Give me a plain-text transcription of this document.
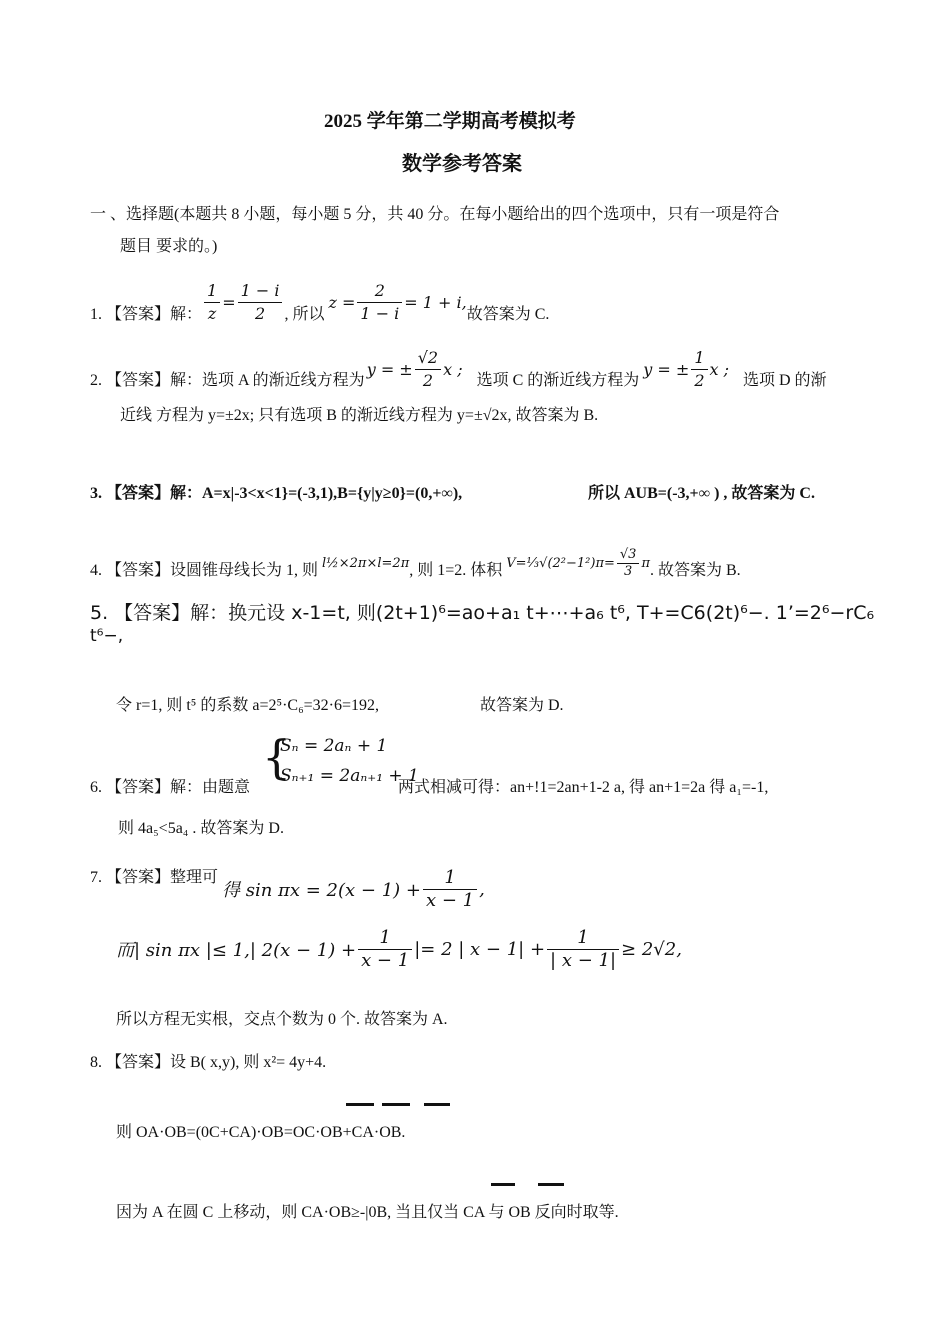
2025 学年第二学期高考模拟考
数学参考答案
一 、选择题(本题共 8 小题，每小题 5 分，共 40 分。在每小题给出的四个选项中，只有一项是符合
题目 要求的。)
1. 【答案】解： $\frac{1}{z} = \frac{1 - i}{2}$ , 所以
$z = \frac{2}{1 - i} = 1 + i$,
故答案为 C.
2. 【答案】解：选项 A 的渐近线方程为
y = ± $\frac{√2}{2}$ x ;
选项 C 的渐近线方程为
y = ± $\frac{1}{2}$ x ;
选项 D 的渐
近线 方程为 y=±2x; 只有选项 B 的渐近线方程为 y=±√2x, 故答案为 B.
3. 【答案】解：A=x|-3<x<1}=(-3,1),B={y|y≥0}=(0,+∞),	所以 AUB=(-3,+∞ ) , 故答案为 C.
4. 【答案】设圆锥母线长为 1, 则 l½×2π×l=2π , 则 1=2. 体积 V=⅓√(2²−1²)π= $\frac{√3}{3}$ π . 故答案为 B.
5. 【答案】解：换元设 x-1=t, 则(2t+1)⁶=ao+a₁ t+⋯+a₆ t⁶, T+=C6(2t)⁶−. 1’=2⁶−rC₆
t⁶−,
令 r=1, 则 t⁵ 的系数 a=2⁵·C₆=32·6=192,	故答案为 D.
6. 【答案】解：由题意
{
Sₙ = 2aₙ + 1
Sₙ₊₁ = 2aₙ₊₁ + 1
两式相减可得：an+!1=2an+1-2 a, 得 an+1=2a 得 a₁=-1,
则 4a₅<5a₄ . 故答案为 D.
7. 【答案】整理可
得 $\sin \pi x = 2(x - 1) + \frac{1}{x - 1}$ ,
而| sin πx |≤ 1,| $2(x - 1) + \frac{1}{x - 1}$ |= 2 | $x - 1| + \frac{1}{| x - 1|} \ge 2√2$,
所以方程无实根，交点个数为 0 个. 故答案为 A.
8. 【答案】设 B( x,y), 则 x²= 4y+4.
则 OA·OB=(0C+CA)·OB=OC·OB+CA·OB.
因为 A 在圆 C 上移动，则 CA·OB≥-|0B, 当且仅当 CA 与 OB 反向时取等.
